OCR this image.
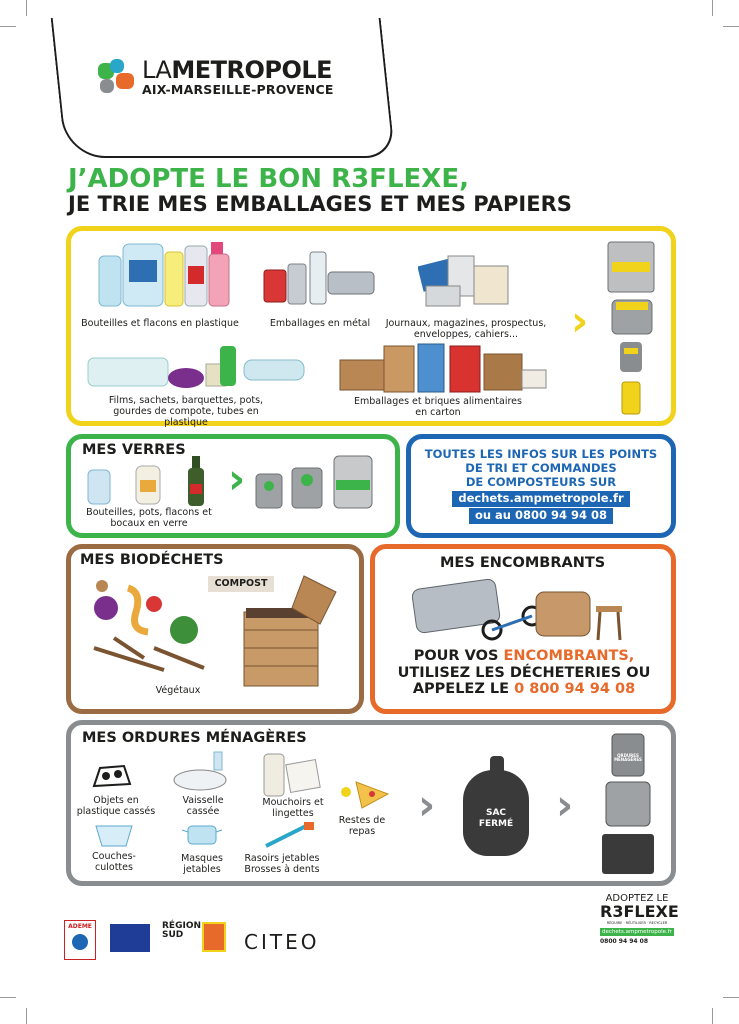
LAMETROPOLE
AIX-MARSEILLE-PROVENCE
J’ADOPTE LE BON R3FLEXE,
JE TRIE MES EMBALLAGES ET MES PAPIERS
Bouteilles et flacons en plastique	Emballages en métal	Journaux, magazines, prospectus, enveloppes, cahiers...
Films, sachets, barquettes, pots, gourdes de compote, tubes en plastique
Emballages et briques alimentaires en carton
›
MES VERRES
Bouteilles, pots, flacons et bocaux en verre
›	TOUTES LES INFOS SUR LES POINTS
DE TRI ET COMMANDES
DE COMPOSTEURS SUR
dechets.ampmetropole.fr
ou au 0800 94 94 08
MES BIODÉCHETS
Végétaux
COMPOST
MES ENCOMBRANTS
POUR VOS ENCOMBRANTS,
UTILISEZ LES DÉCHETERIES OU
APPELEZ LE 0 800 94 94 08
MES ORDURES MÉNAGÈRES
Objets en plastique cassés
Vaisselle cassée
Mouchoirs et lingettes
Restes de repas
Couches-culottes
Masques jetables
Rasoirs jetables Brosses à dents
›	SAC FERMÉ ›
ORDURES MÉNAGÈRES
ADEME	RÉGION
SUD	CITEO
ADOPTEZ LE
R3FLEXE
RÉDUIRE · RÉUTILISER · RECYCLER
dechets.ampmetropole.fr
0800 94 94 08
